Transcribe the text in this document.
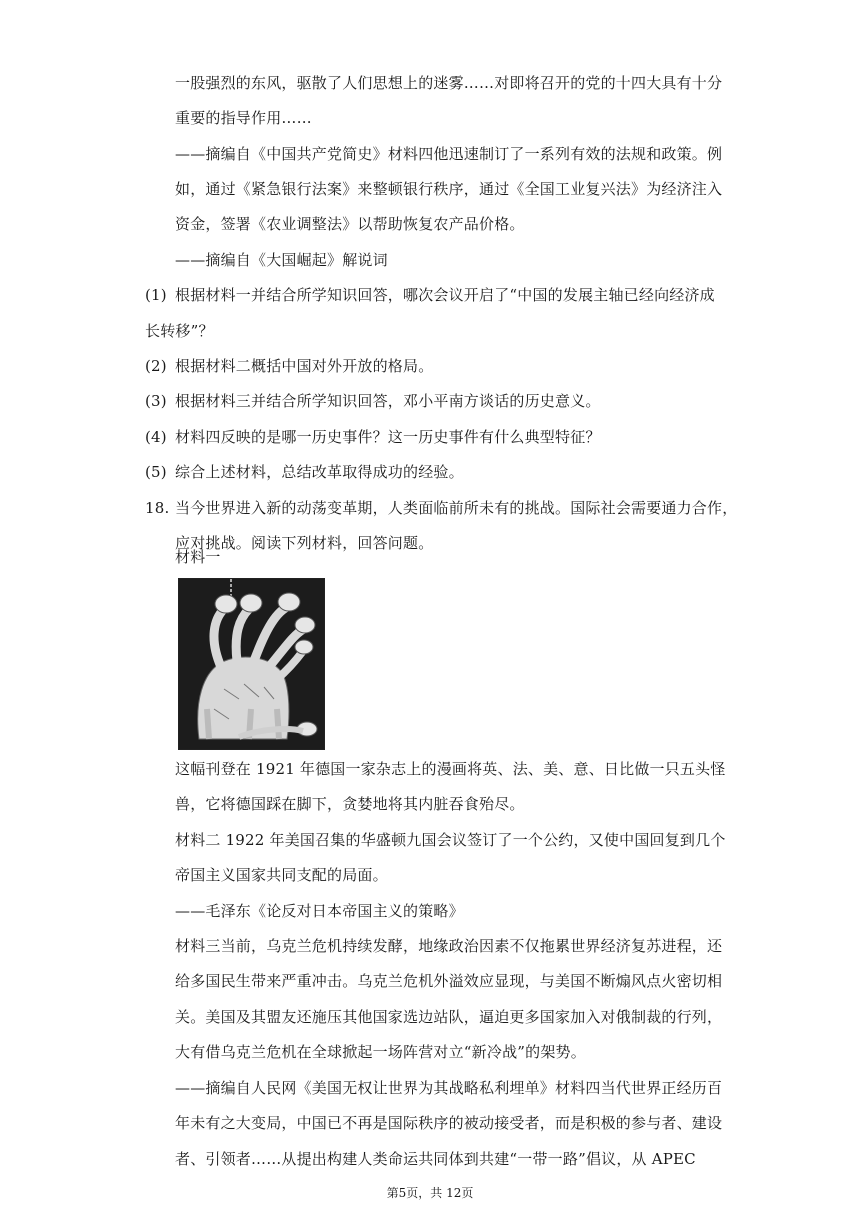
一股强烈的东风，驱散了人们思想上的迷雾……对即将召开的党的十四大具有十分
重要的指导作用……
——摘编自《中国共产党简史》材料四他迅速制订了一系列有效的法规和政策。例
如，通过《紧急银行法案》来整顿银行秩序，通过《全国工业复兴法》为经济注入
资金，签署《农业调整法》以帮助恢复农产品价格。
——摘编自《大国崛起》解说词
(1) 根据材料一并结合所学知识回答，哪次会议开启了“中国的发展主轴已经向经济成
长转移”？
(2) 根据材料二概括中国对外开放的格局。
(3) 根据材料三并结合所学知识回答，邓小平南方谈话的历史意义。
(4) 材料四反映的是哪一历史事件？这一历史事件有什么典型特征？
(5) 综合上述材料，总结改革取得成功的经验。
18. 当今世界进入新的动荡变革期，人类面临前所未有的挑战。国际社会需要通力合作，
应对挑战。阅读下列材料，回答问题。
材料一
这幅刊登在 1921 年德国一家杂志上的漫画将英、法、美、意、日比做一只五头怪
兽，它将德国踩在脚下，贪婪地将其内脏吞食殆尽。
材料二 1922 年美国召集的华盛顿九国会议签订了一个公约，又使中国回复到几个
帝国主义国家共同支配的局面。
——毛泽东《论反对日本帝国主义的策略》
材料三当前，乌克兰危机持续发酵，地缘政治因素不仅拖累世界经济复苏进程，还
给多国民生带来严重冲击。乌克兰危机外溢效应显现，与美国不断煽风点火密切相
关。美国及其盟友还施压其他国家选边站队，逼迫更多国家加入对俄制裁的行列，
大有借乌克兰危机在全球掀起一场阵营对立“新冷战”的架势。
——摘编自人民网《美国无权让世界为其战略私利埋单》材料四当代世界正经历百
年未有之大变局，中国已不再是国际秩序的被动接受者，而是积极的参与者、建设
者、引领者……从提出构建人类命运共同体到共建“一带一路”倡议，从 APEC
第5页，共 12页
